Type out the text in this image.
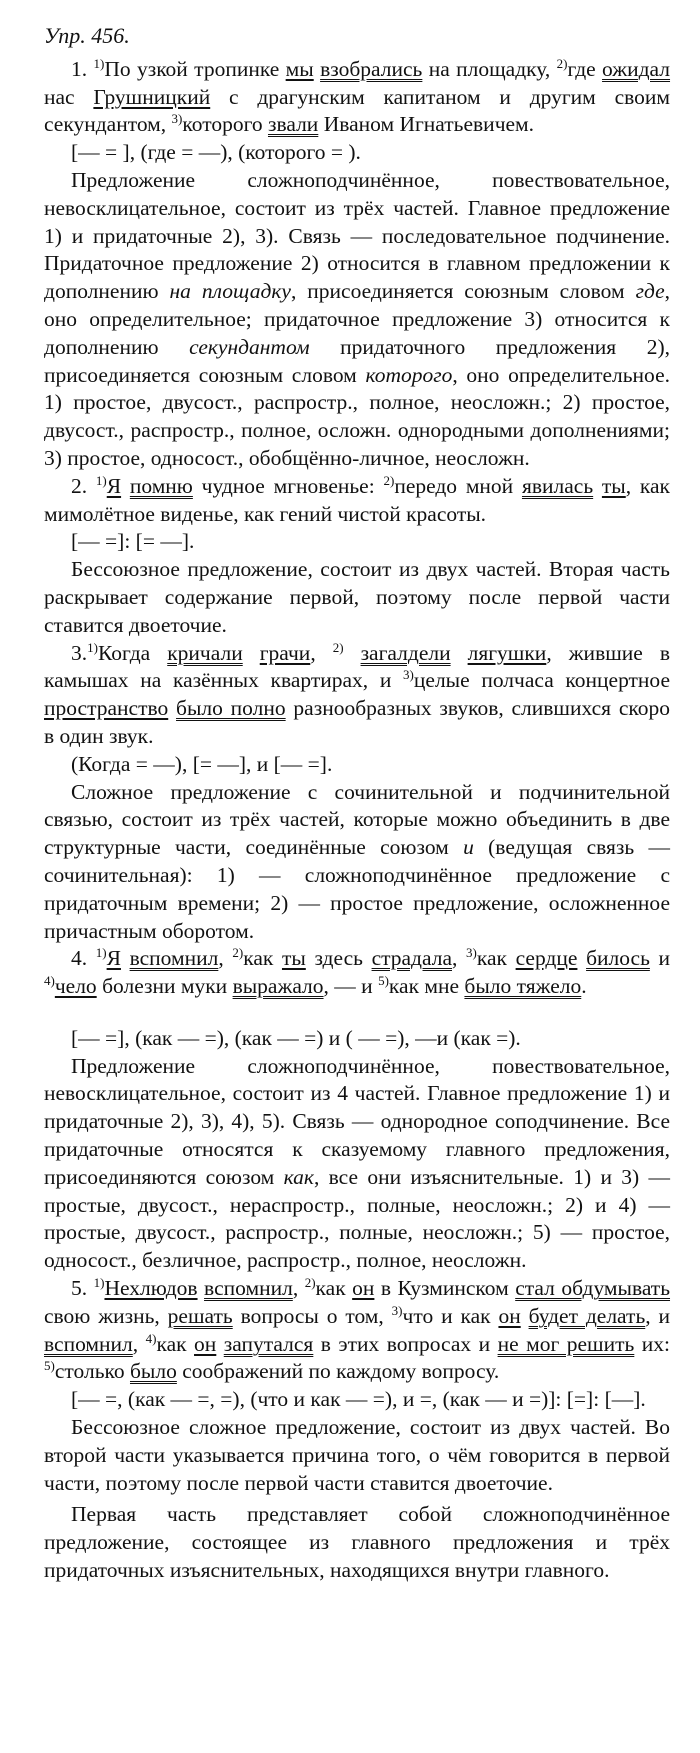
Упр. 456.

1. $^{1)}$По узкой тропинке мы взобрались на площадку, $^{2)}$где ожидал нас Грушницкий с драгунским капитаном и другим своим секундантом, $^{3)}$которого звали Иваном Игнатьевичем.

[— = ], (где = —), (которого = ).

Предложение сложноподчинённое, повествовательное, невосклицательное, состоит из трёх частей. Главное предложение 1) и придаточные 2), 3). Связь — последовательное подчинение. Придаточное предложение 2) относится в главном предложении к дополнению на площадку, присоединяется союзным словом где, оно определительное; придаточное предложение 3) относится к дополнению секундантом придаточного предложения 2), присоединяется союзным словом которого, оно определительное. 1) простое, двусост., распростр., полное, неосложн.; 2) простое, двусост., распростр., полное, осложн. однородными дополнениями; 3) простое, односост., обобщённо-личное, неосложн.

2. $^{1)}$Я помню чудное мгновенье: $^{2)}$передо мной явилась ты, как мимолётное виденье, как гений чистой красоты.

[— =]: [= —].

Бессоюзное предложение, состоит из двух частей. Вторая часть раскрывает содержание первой, поэтому после первой части ставится двоеточие.

3.$^{1)}$Когда кричали грачи, $^{2)}$ загалдели лягушки, жившие в камышах на казённых квартирах, и $^{3)}$целые полчаса концертное пространство было полно разнообразных звуков, слившихся скоро в один звук.

(Когда = —), [= —], и [— =].

Сложное предложение с сочинительной и подчинительной связью, состоит из трёх частей, которые можно объединить в две структурные части, соединённые союзом и (ведущая связь — сочинительная): 1) — сложноподчинённое предложение с придаточным времени; 2) — простое предложение, осложненное причастным оборотом.

4. $^{1)}$Я вспомнил, $^{2)}$как ты здесь страдала, $^{3)}$как сердце билось и $^{4)}$чело болезни муки выражало, — и $^{5)}$как мне было тяжело.

[— =], (как — =), (как — =) и ( — =), —и (как =).

Предложение сложноподчинённое, повествовательное, невосклицательное, состоит из 4 частей. Главное предложение 1) и придаточные 2), 3), 4), 5). Связь — однородное соподчинение. Все придаточные относятся к сказуемому главного предложения, присоединяются союзом как, все они изъяснительные. 1) и 3) — простые, двусост., нераспростр., полные, неосложн.; 2) и 4) — простые, двусост., распростр., полные, неосложн.; 5) — простое, односост., безличное, распростр., полное, неосложн.

5. $^{1)}$Нехлюдов вспомнил, $^{2)}$как он в Кузминском стал обдумывать свою жизнь, решать вопросы о том, $^{3)}$что и как он будет делать, и вспомнил, $^{4)}$как он запутался в этих вопросах и не мог решить их: $^{5)}$столько было соображений по каждому вопросу.

[— =, (как — =, =), (что и как — =), и =, (как — и =)]: [=]: [—].

Бессоюзное сложное предложение, состоит из двух частей. Во второй части указывается причина того, о чём говорится в первой части, поэтому после первой части ставится двоеточие.

Первая часть представляет собой сложноподчинённое предложение, состоящее из главного предложения и трёх придаточных изъяснительных, находящихся внутри главного.
